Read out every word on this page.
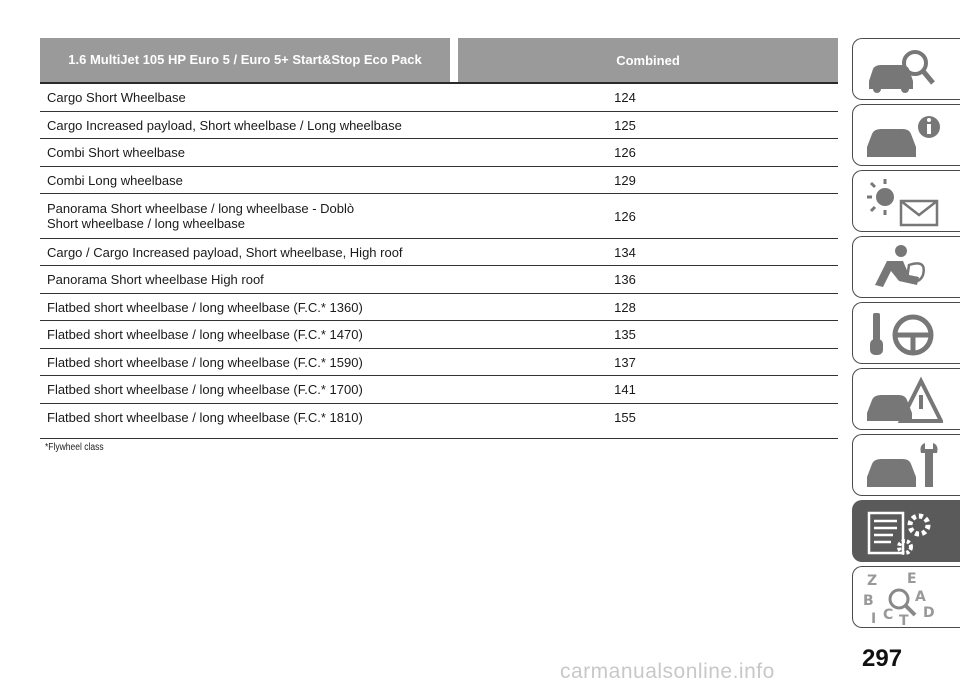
1.6 MultiJet 105 HP Euro 5 / Euro 5+ Start&Stop Eco Pack	Combined
Cargo Short Wheelbase	124
Cargo Increased payload, Short wheelbase / Long wheelbase	125
Combi Short wheelbase	126
Combi Long wheelbase	129
Panorama Short wheelbase / long wheelbase - Doblò Short wheelbase / long wheelbase	126
Cargo / Cargo Increased payload, Short wheelbase, High roof	134
Panorama Short wheelbase High roof	136
Flatbed short wheelbase / long wheelbase (F.C.* 1360)	128
Flatbed short wheelbase / long wheelbase (F.C.* 1470)	135
Flatbed short wheelbase / long wheelbase (F.C.* 1590)	137
Flatbed short wheelbase / long wheelbase (F.C.* 1700)	141
Flatbed short wheelbase / long wheelbase (F.C.* 1810)	155
*Flywheel class
Z E
B	A
I C T D
297
carmanualsonline.info
